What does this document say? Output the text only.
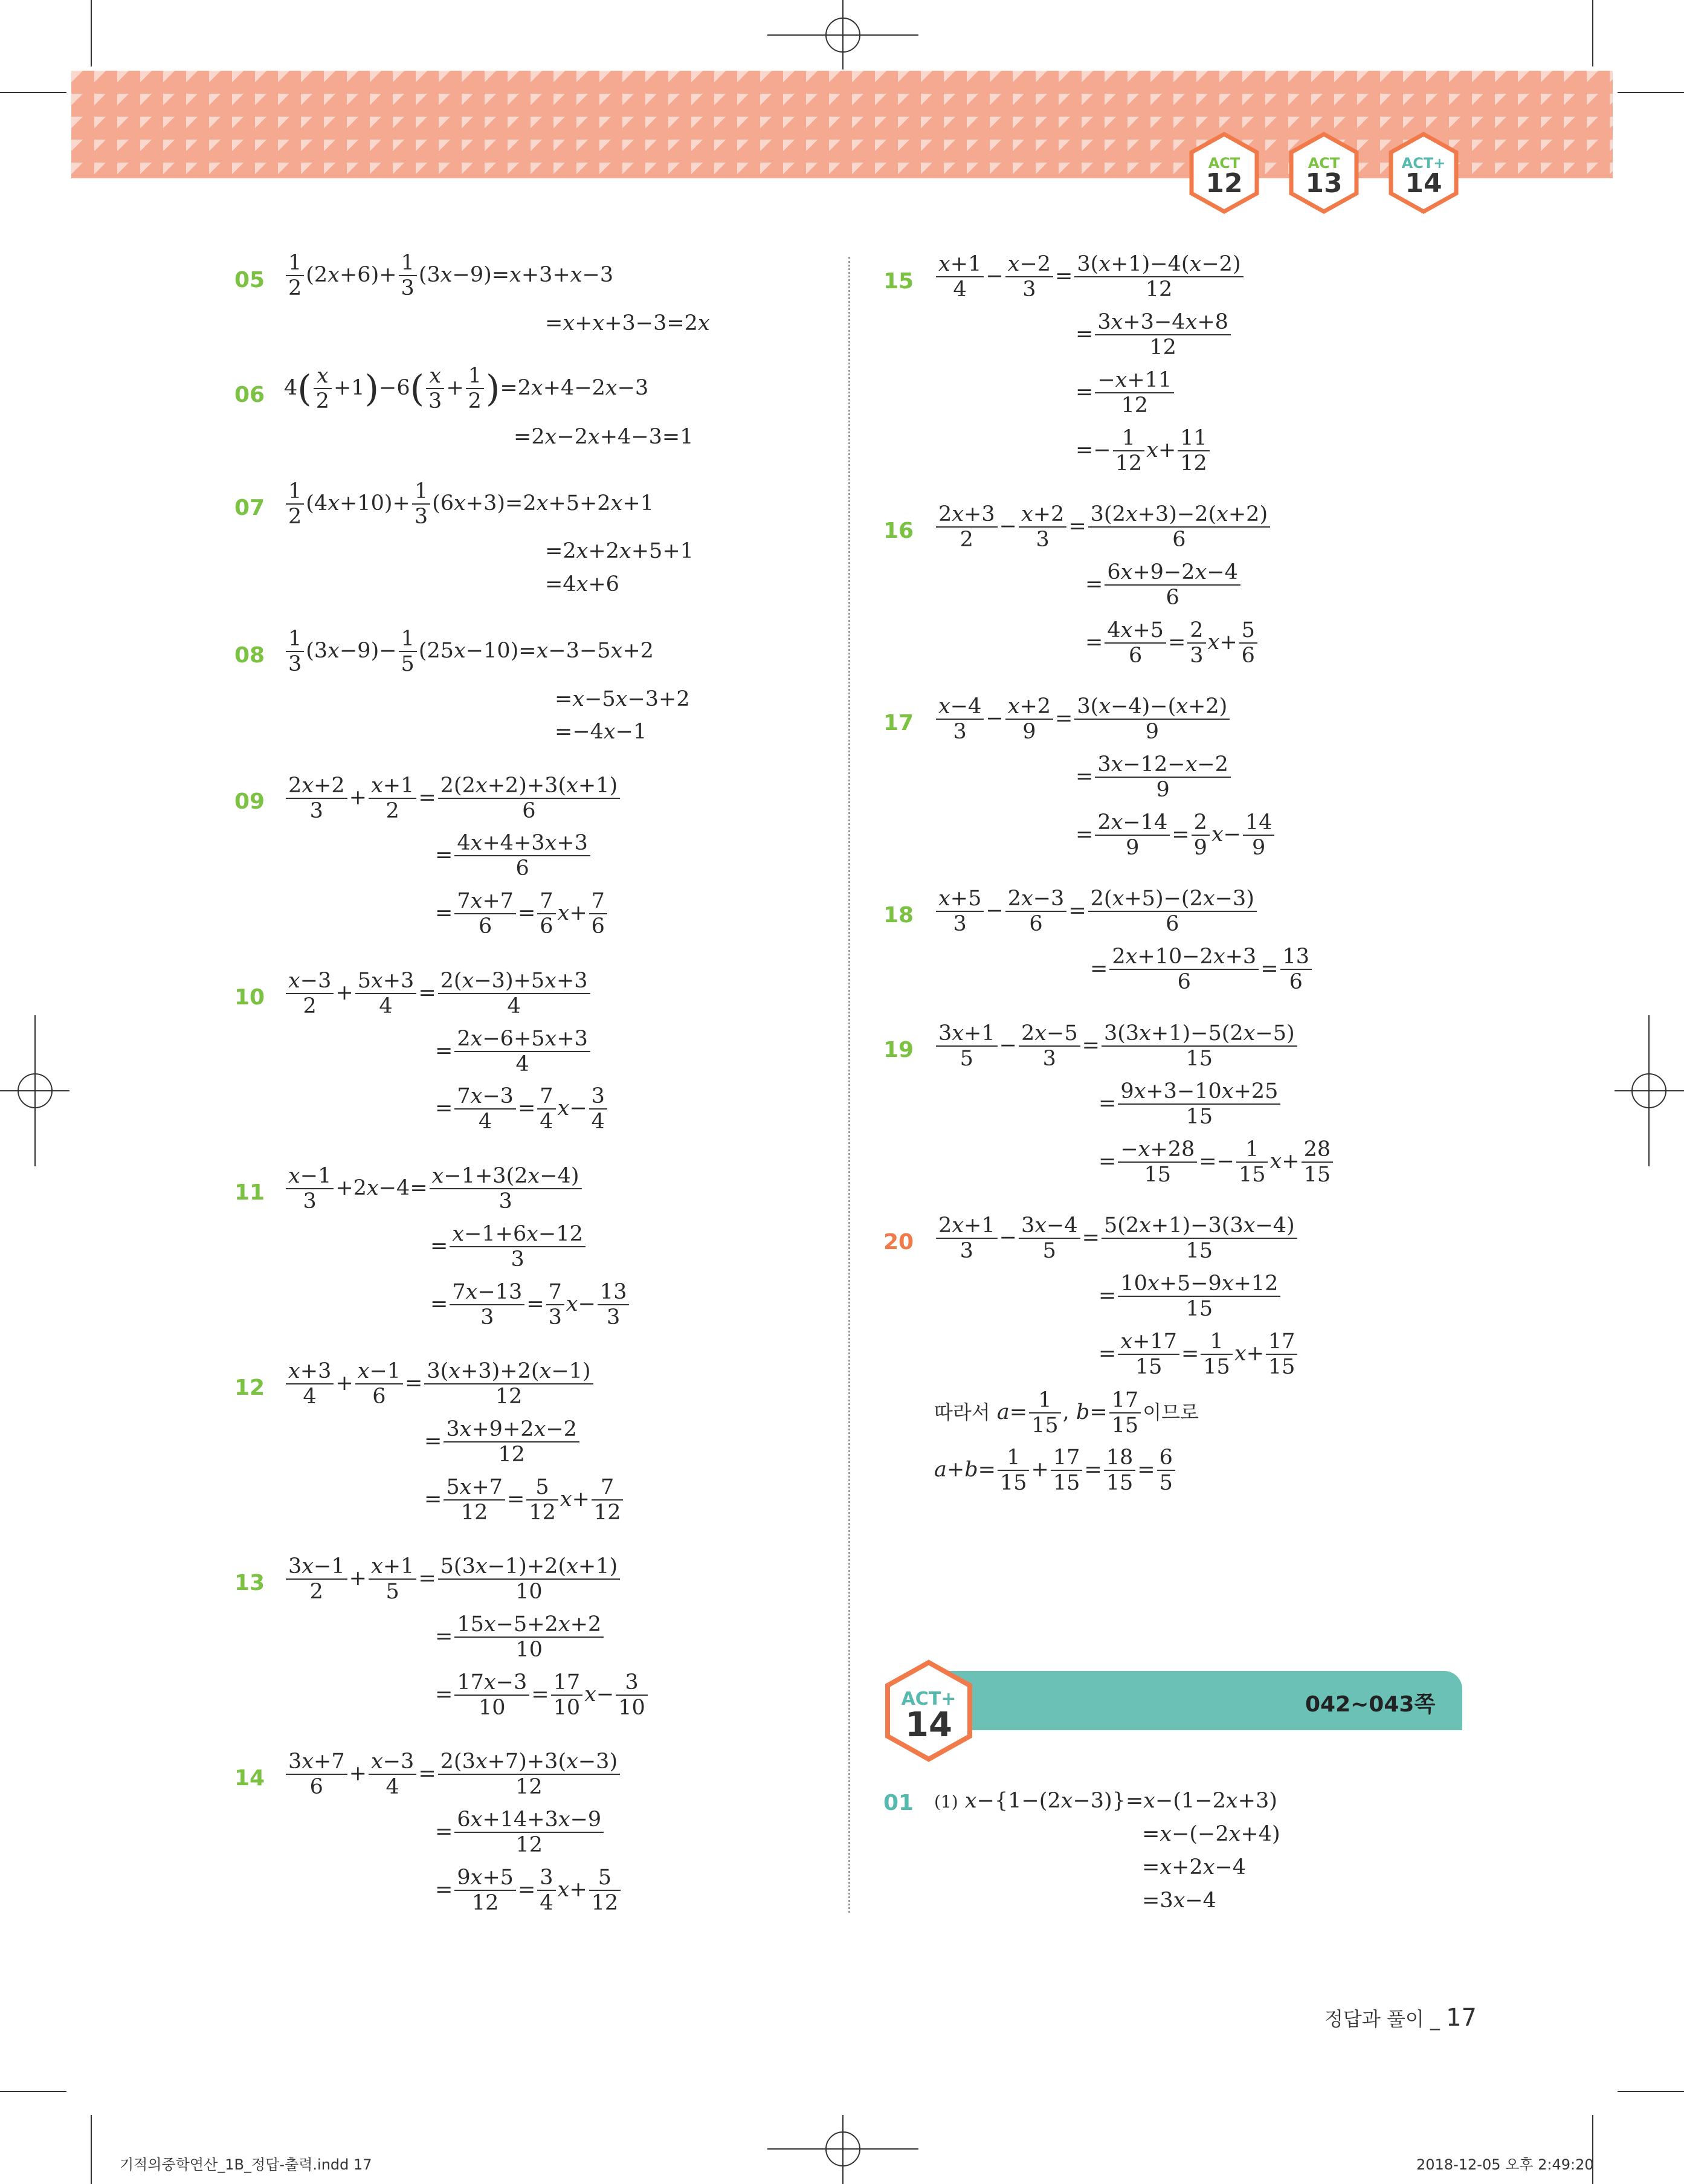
ACT
12
ACT
13
ACT+
14
$05 \frac{1}{2} (2x+6)+ \frac{1}{3} (3x-9)=x+3+x-3$
=x+x+3−3=2x
06 $4( \frac{x}{2} +1)-6( \frac{x}{3} + \frac{1}{2} )=2x+4-2x-3$
=2x−2x+4−3=1
$07 \frac{1}{2} (4x+10)+ \frac{1}{3} (6x+3)=2x+5+2x+1$
=2x+2x+5+1
=4x+6
$08 \frac{1}{3} (3x-9)- \frac{1}{5} (25x-10)=x-3-5x+2$
=x−5x−3+2
=−4x−1
$09 \frac{2x+2}{3} + \frac{x+1}{2} = \frac{2(2x+2)+3(x+1)}{6}$
= $\frac{4x+4+3x+3}{6}$
= $\frac{7x+7}{6} = \frac{7}{6} x+ \frac{7}{6}$
$10 \frac{x-3}{2} + \frac{5x+3}{4} = \frac{2(x-3)+5x+3}{4}$
= $\frac{2x-6+5x+3}{4}$
= $\frac{7x-3}{4} = \frac{7}{4} x- \frac{3}{4}$
$11 \frac{x-1}{3} +2x-4= \frac{x-1+3(2x-4)}{3}$
= $\frac{x-1+6x-12}{3}$
= $\frac{7x-13}{3} = \frac{7}{3} x- \frac{13}{3}$
$12 \frac{x+3}{4} + \frac{x-1}{6} = \frac{3(x+3)+2(x-1)}{12}$
= $\frac{3x+9+2x-2}{12}$
= $\frac{5x+7}{12} = \frac{5}{12} x+ \frac{7}{12}$
$13 \frac{3x-1}{2} + \frac{x+1}{5} = \frac{5(3x-1)+2(x+1)}{10}$
= $\frac{15x-5+2x+2}{10}$
= $\frac{17x-3}{10} = \frac{17}{10} x- \frac{3}{10}$
$14 \frac{3x+7}{6} + \frac{x-3}{4} = \frac{2(3x+7)+3(x-3)}{12}$
= $\frac{6x+14+3x-9}{12}$
= $\frac{9x+5}{12} = \frac{3}{4} x+ \frac{5}{12}$
$15 \frac{x+1}{4} - \frac{x-2}{3} = \frac{3(x+1)-4(x-2)}{12}$
= $\frac{3x+3-4x+8}{12}$
= $\frac{-x+11}{12}$
=− $\frac{1}{12} x+ \frac{11}{12}$
$16 \frac{2x+3}{2} - \frac{x+2}{3} = \frac{3(2x+3)-2(x+2)}{6}$
= $\frac{6x+9-2x-4}{6}$
= $\frac{4x+5}{6} = \frac{2}{3} x+ \frac{5}{6}$
$17 \frac{x-4}{3} - \frac{x+2}{9} = \frac{3(x-4)-(x+2)}{9}$
= $\frac{3x-12-x-2}{9}$
= $\frac{2x-14}{9} = \frac{2}{9} x- \frac{14}{9}$
$18 \frac{x+5}{3} - \frac{2x-3}{6} = \frac{2(x+5)-(2x-3)}{6}$
= $\frac{2x+10-2x+3}{6} = \frac{13}{6}$
$19 \frac{3x+1}{5} - \frac{2x-5}{3} = \frac{3(3x+1)-5(2x-5)}{15}$
= $\frac{9x+3-10x+25}{15}$
= $\frac{-x+28}{15} =- \frac{1}{15} x+ \frac{28}{15}$
$20 \frac{2x+1}{3} - \frac{3x-4}{5} = \frac{5(2x+1)-3(3x-4)}{15}$
= $\frac{10x+5-9x+12}{15}$
= $\frac{x+17}{15} = \frac{1}{15} x+ \frac{17}{15}$
따라서 $a= \frac{1}{15}$ , $b= \frac{17}{15}$ 이므로
$a+b= \frac{1}{15} + \frac{17}{15} = \frac{18}{15} = \frac{6}{5}$
ACT+
14
042~043쪽
01 (1) x−{1−(2x−3)}=x−(1−2x+3)
=x−(−2x+4)
=x+2x−4
=3x−4
정답과 풀이 _ 17
기적의중학연산_1B_정답-출력.indd 17	2018-12-05 오후 2:49:20
